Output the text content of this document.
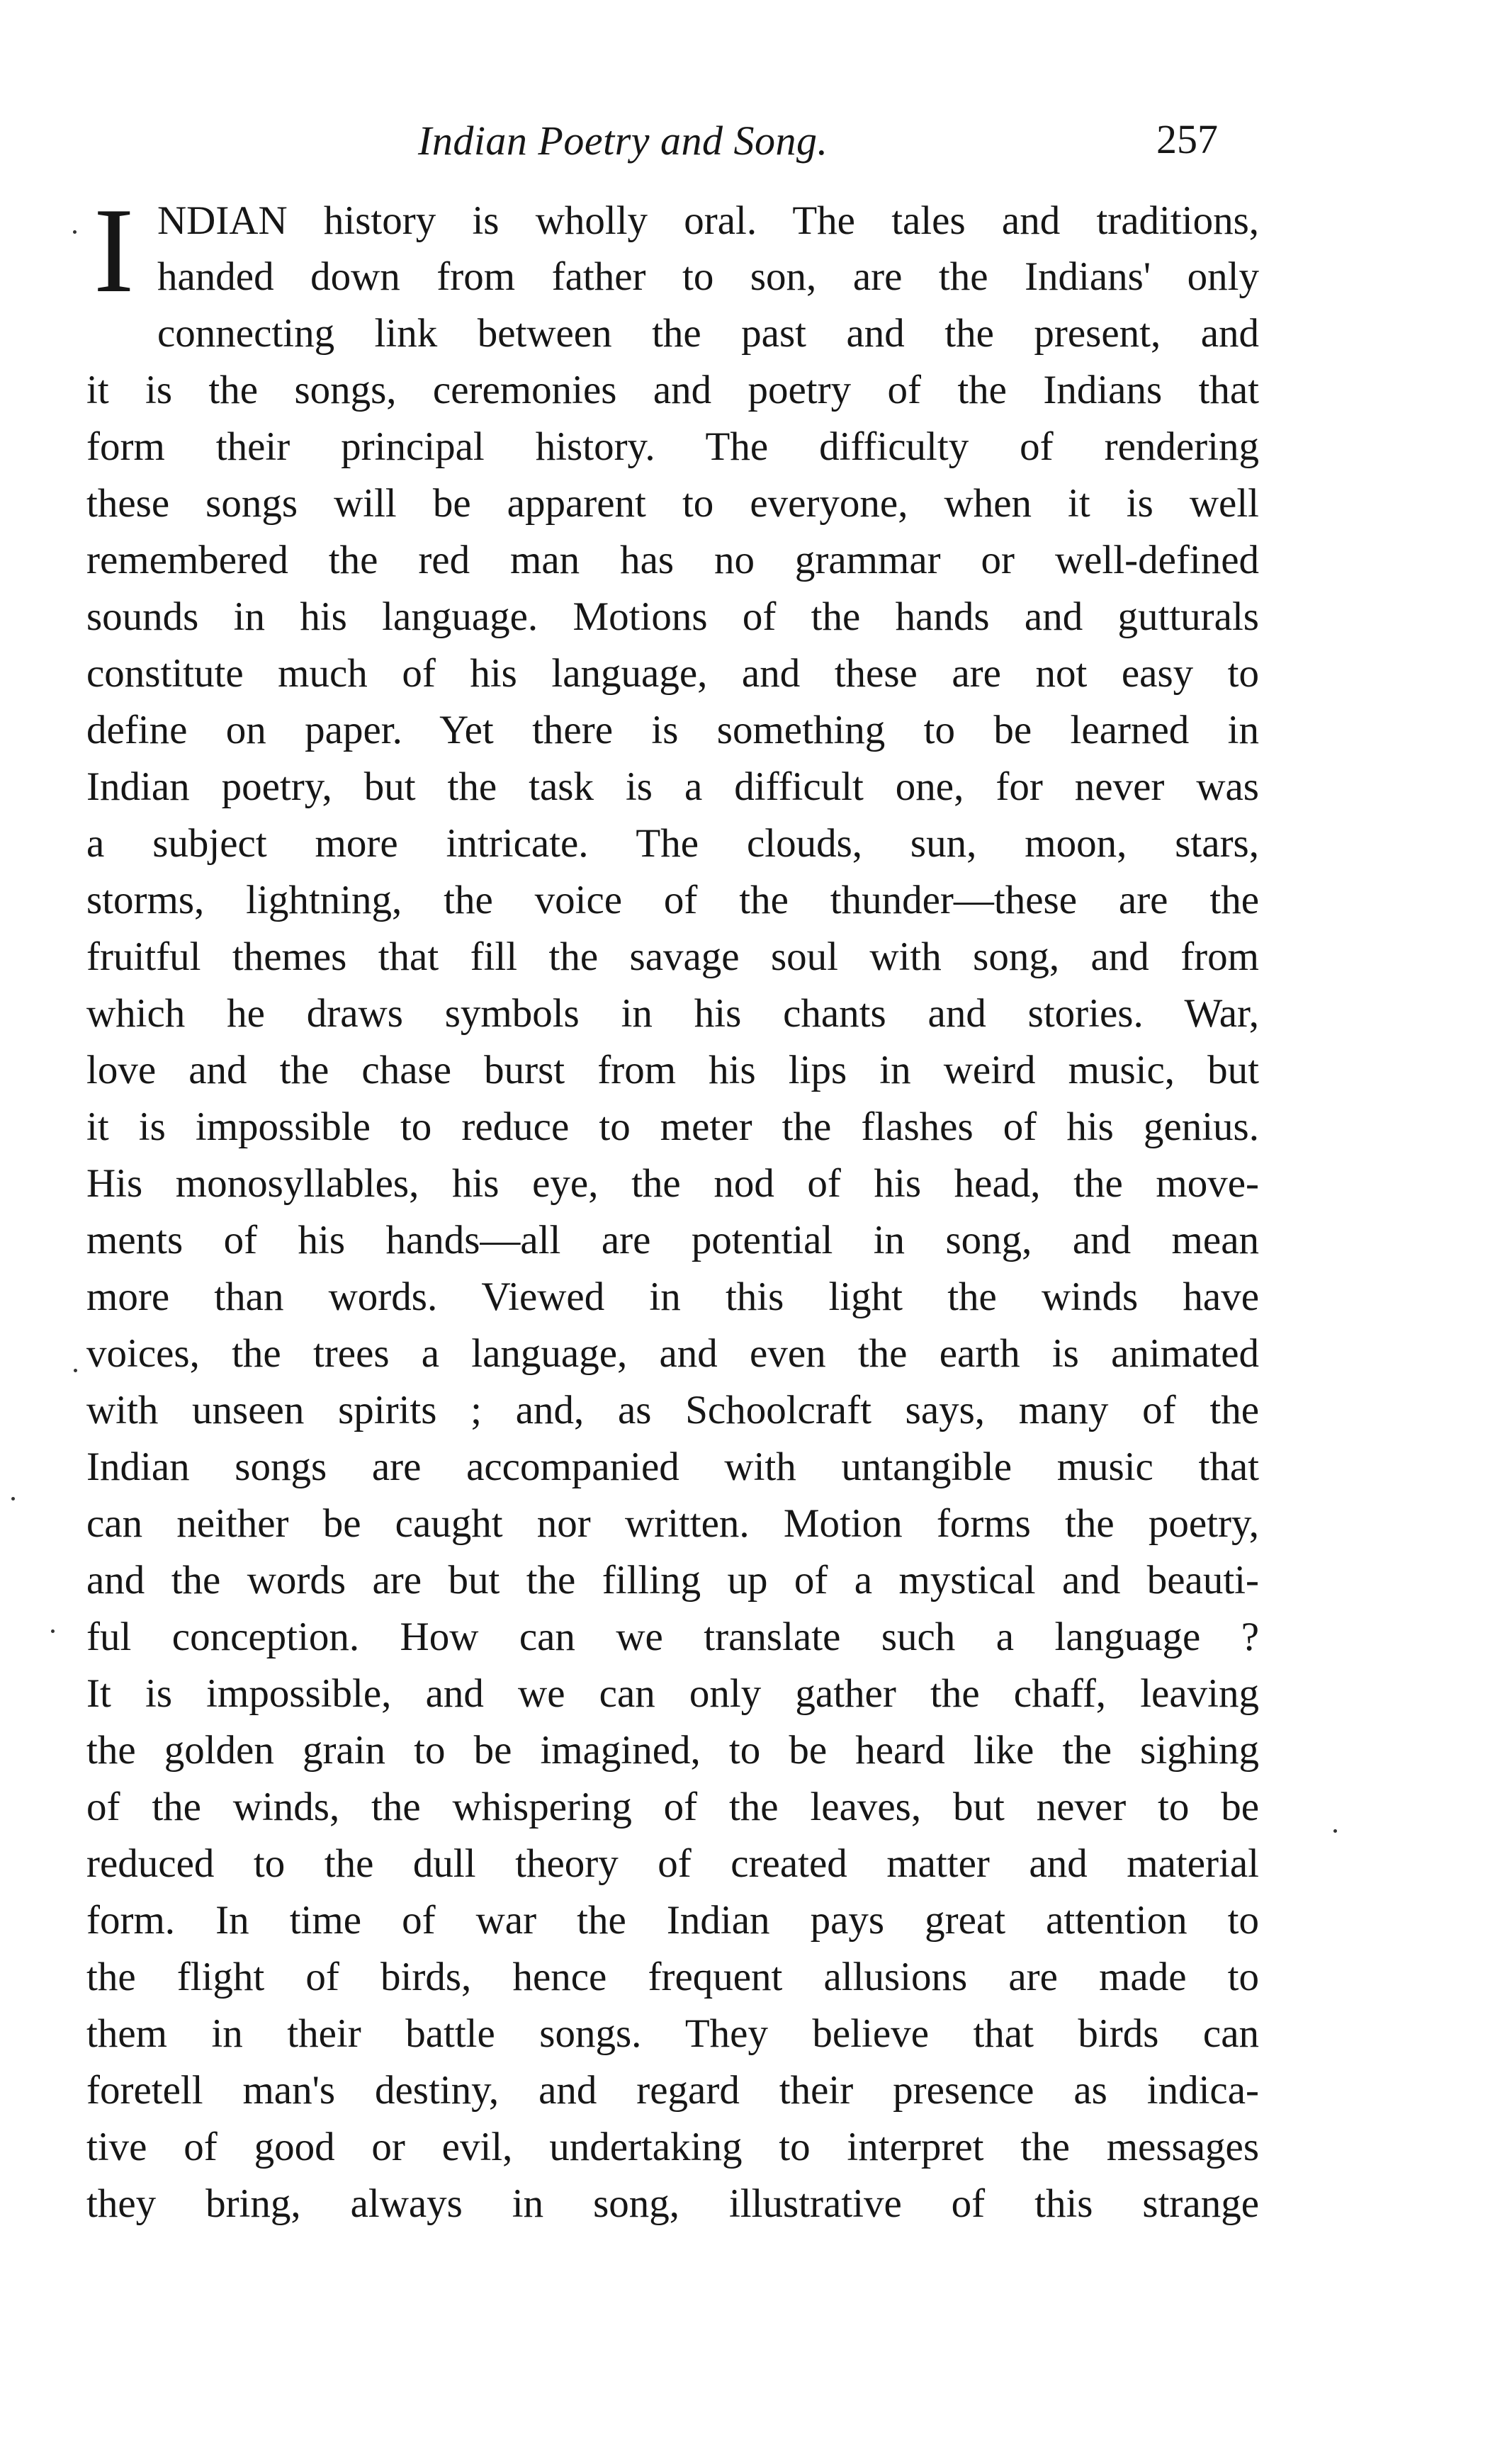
Indian Poetry and Song.	257
I NDIAN history is wholly oral. The tales and traditions,
handed down from father to son, are the Indians' only
connecting link between the past and the present, and
it is the songs, ceremonies and poetry of the Indians that
form their principal history. The difficulty of rendering
these songs will be apparent to everyone, when it is well
remembered the red man has no grammar or well-defined
sounds in his language. Motions of the hands and gutturals
constitute much of his language, and these are not easy to
define on paper. Yet there is something to be learned in
Indian poetry, but the task is a difficult one, for never was
a subject more intricate. The clouds, sun, moon, stars,
storms, lightning, the voice of the thunder—these are the
fruitful themes that fill the savage soul with song, and from
which he draws symbols in his chants and stories. War,
love and the chase burst from his lips in weird music, but
it is impossible to reduce to meter the flashes of his genius.
His monosyllables, his eye, the nod of his head, the move-
ments of his hands—all are potential in song, and mean
more than words. Viewed in this light the winds have
voices, the trees a language, and even the earth is animated
with unseen spirits ; and, as Schoolcraft says, many of the
Indian songs are accompanied with untangible music that
can neither be caught nor written. Motion forms the poetry,
and the words are but the filling up of a mystical and beauti-
ful conception. How can we translate such a language ?
It is impossible, and we can only gather the chaff, leaving
the golden grain to be imagined, to be heard like the sighing
of the winds, the whispering of the leaves, but never to be
reduced to the dull theory of created matter and material
form. In time of war the Indian pays great attention to
the flight of birds, hence frequent allusions are made to
them in their battle songs. They believe that birds can
foretell man's destiny, and regard their presence as indica-
tive of good or evil, undertaking to interpret the messages
they bring, always in song, illustrative of this strange
